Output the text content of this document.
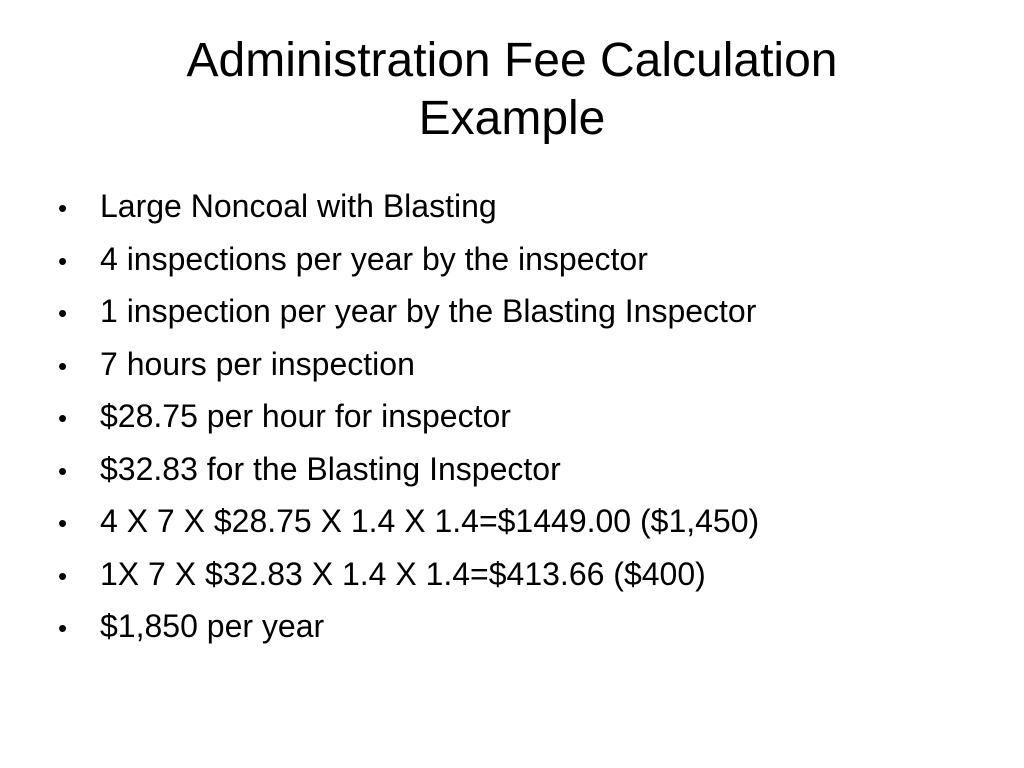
Administration Fee Calculation
Example
•	Large Noncoal with Blasting
•	4 inspections per year by the inspector
•	1 inspection per year by the Blasting Inspector
•	7 hours per inspection
•	$28.75 per hour for inspector
•	$32.83 for the Blasting Inspector
•	4 X 7 X $28.75 X 1.4 X 1.4=$1449.00 ($1,450)
•	1X 7 X $32.83 X 1.4 X 1.4=$413.66 ($400)
•	$1,850 per year
